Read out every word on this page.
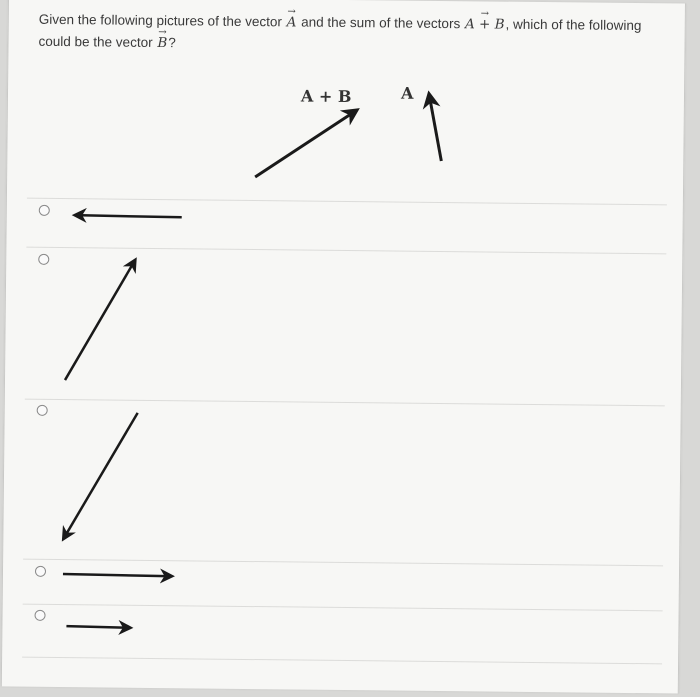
Given the following pictures of the vector → A and the sum of the vectors → A + B, which of the following could be the vector → B?
A + B	A
